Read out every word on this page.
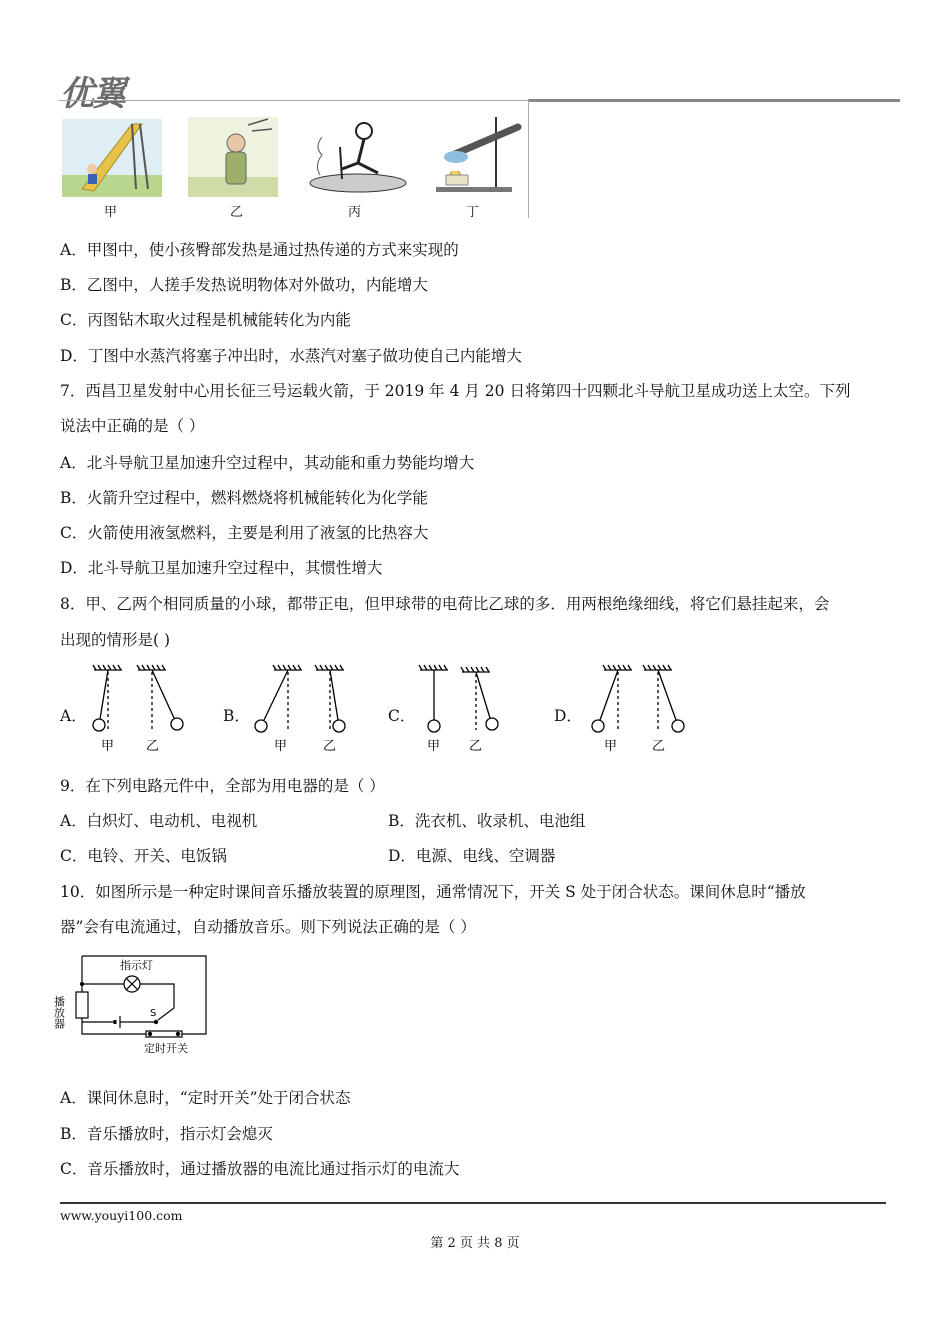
优翼
甲	乙	丙	丁
A．甲图中，使小孩臀部发热是通过热传递的方式来实现的
B．乙图中，人搓手发热说明物体对外做功，内能增大
C．丙图钻木取火过程是机械能转化为内能
D．丁图中水蒸汽将塞子冲出时，水蒸汽对塞子做功使自己内能增大
7．西昌卫星发射中心用长征三号运载火箭，于 2019 年 4 月 20 日将第四十四颗北斗导航卫星成功送上太空。下列
说法中正确的是（ ）
A．北斗导航卫星加速升空过程中，其动能和重力势能均增大
B．火箭升空过程中，燃料燃烧将机械能转化为化学能
C．火箭使用液氢燃料，主要是利用了液氢的比热容大
D．北斗导航卫星加速升空过程中，其惯性增大
8．甲、乙两个相同质量的小球，都带正电，但甲球带的电荷比乙球的多．用两根绝缘细线，将它们悬挂起来，会
出现的情形是( )
A．
甲 乙
B．
甲	乙
C．
甲 乙
D．
甲	乙
9．在下列电路元件中，全部为用电器的是（ ）
A．白炽灯、电动机、电视机	B．洗衣机、收录机、电池组
C．电铃、开关、电饭锅	D．电源、电线、空调器
10．如图所示是一种定时课间音乐播放装置的原理图，通常情况下，开关 S 处于闭合状态。课间休息时“播放
器”会有电流通过，自动播放音乐。则下列说法正确的是（ ）
指示灯
播放器	S
定时开关
A．课间休息时，“定时开关”处于闭合状态
B．音乐播放时，指示灯会熄灭
C．音乐播放时，通过播放器的电流比通过指示灯的电流大
www.youyi100.com
第 2 页 共 8 页
